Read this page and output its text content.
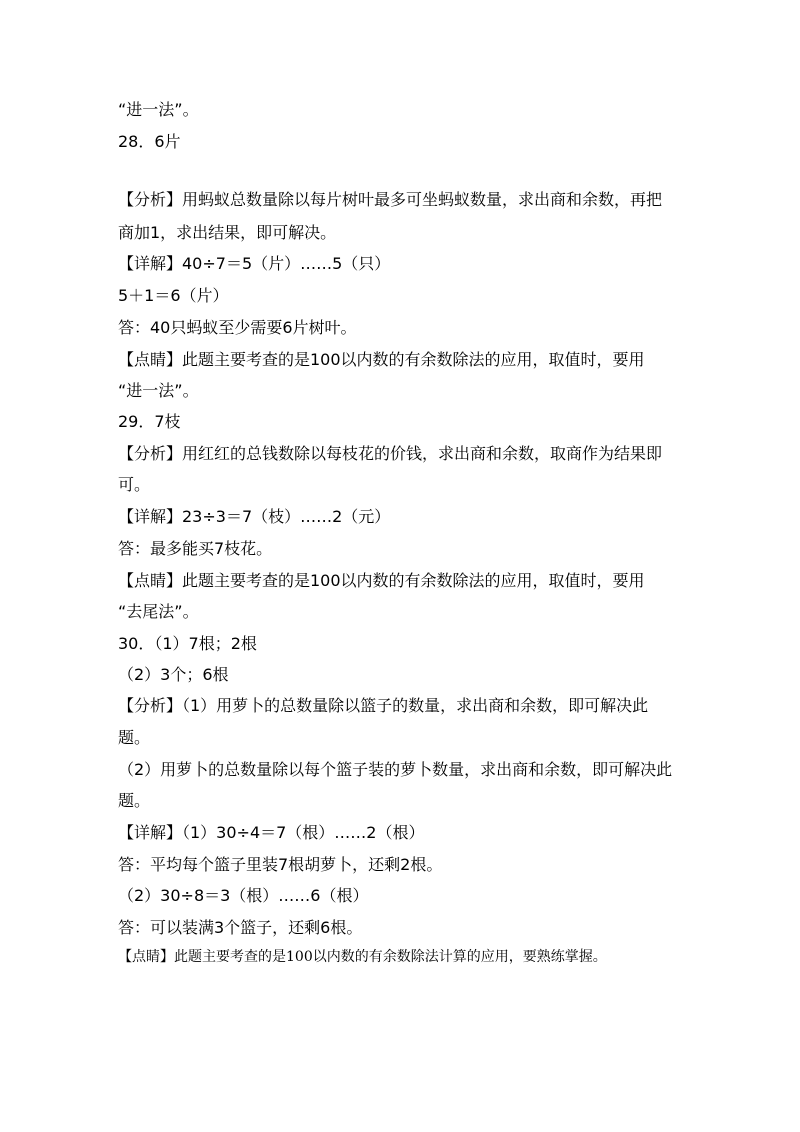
“进一法”。
28．6片
【分析】用蚂蚁总数量除以每片树叶最多可坐蚂蚁数量，求出商和余数，再把
商加1，求出结果，即可解决。
【详解】40÷7＝5（片）……5（只）
5＋1＝6（片）
答：40只蚂蚁至少需要6片树叶。
【点睛】此题主要考查的是100以内数的有余数除法的应用，取值时，要用
“进一法”。
29．7枝
【分析】用红红的总钱数除以每枝花的价钱，求出商和余数，取商作为结果即
可。
【详解】23÷3＝7（枝）……2（元）
答：最多能买7枝花。
【点睛】此题主要考查的是100以内数的有余数除法的应用，取值时，要用
“去尾法”。
30．（1）7根；2根
（2）3个；6根
【分析】（1）用萝卜的总数量除以篮子的数量，求出商和余数，即可解决此
题。
（2）用萝卜的总数量除以每个篮子装的萝卜数量，求出商和余数，即可解决此
题。
【详解】（1）30÷4＝7（根）……2（根）
答：平均每个篮子里装7根胡萝卜，还剩2根。
（2）30÷8＝3（根）……6（根）
答：可以装满3个篮子，还剩6根。
【点睛】此题主要考查的是100以内数的有余数除法计算的应用，要熟练掌握。
